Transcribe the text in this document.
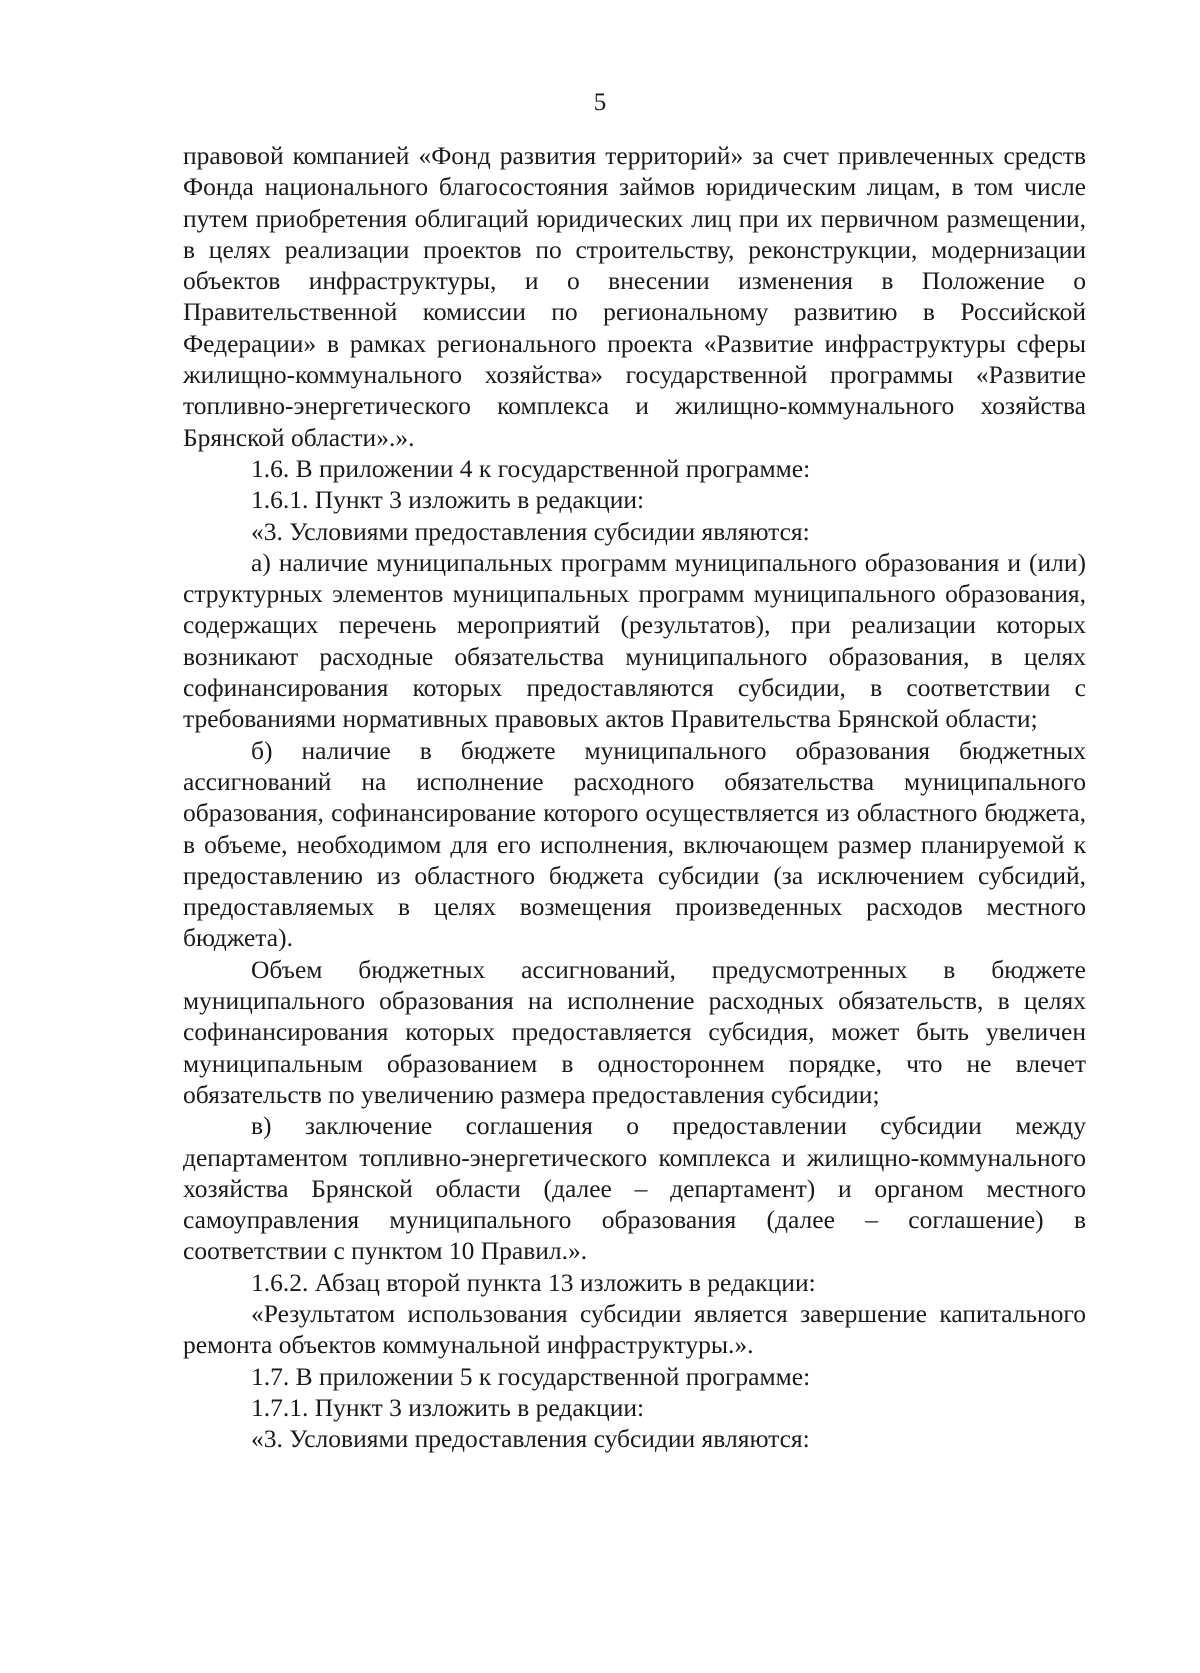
5

правовой компанией «Фонд развития территорий» за счет привлеченных средств Фонда национального благосостояния займов юридическим лицам, в том числе путем приобретения облигаций юридических лиц при их первичном размещении, в целях реализации проектов по строительству, реконструкции, модернизации объектов инфраструктуры, и о внесении изменения в Положение о Правительственной комиссии по региональному развитию в Российской Федерации» в рамках регионального проекта «Развитие инфраструктуры сферы жилищно-коммунального хозяйства» государственной программы «Развитие топливно-энергетического комплекса и жилищно-коммунального хозяйства Брянской области».».

1.6. В приложении 4 к государственной программе:

1.6.1. Пункт 3 изложить в редакции:

«3. Условиями предоставления субсидии являются:

а) наличие муниципальных программ муниципального образования и (или) структурных элементов муниципальных программ муниципального образования, содержащих перечень мероприятий (результатов), при реализации которых возникают расходные обязательства муниципального образования, в целях софинансирования которых предоставляются субсидии, в соответствии с требованиями нормативных правовых актов Правительства Брянской области;

б) наличие в бюджете муниципального образования бюджетных ассигнований на исполнение расходного обязательства муниципального образования, софинансирование которого осуществляется из областного бюджета, в объеме, необходимом для его исполнения, включающем размер планируемой к предоставлению из областного бюджета субсидии (за исключением субсидий, предоставляемых в целях возмещения произведенных расходов местного бюджета).

Объем бюджетных ассигнований, предусмотренных в бюджете муниципального образования на исполнение расходных обязательств, в целях софинансирования которых предоставляется субсидия, может быть увеличен муниципальным образованием в одностороннем порядке, что не влечет обязательств по увеличению размера предоставления субсидии;

в) заключение соглашения о предоставлении субсидии между департаментом топливно-энергетического комплекса и жилищно-коммунального хозяйства Брянской области (далее – департамент) и органом местного самоуправления муниципального образования (далее – соглашение) в соответствии с пунктом 10 Правил.».

1.6.2. Абзац второй пункта 13 изложить в редакции:

«Результатом использования субсидии является завершение капитального ремонта объектов коммунальной инфраструктуры.».

1.7. В приложении 5 к государственной программе:

1.7.1. Пункт 3 изложить в редакции:

«3. Условиями предоставления субсидии являются:
